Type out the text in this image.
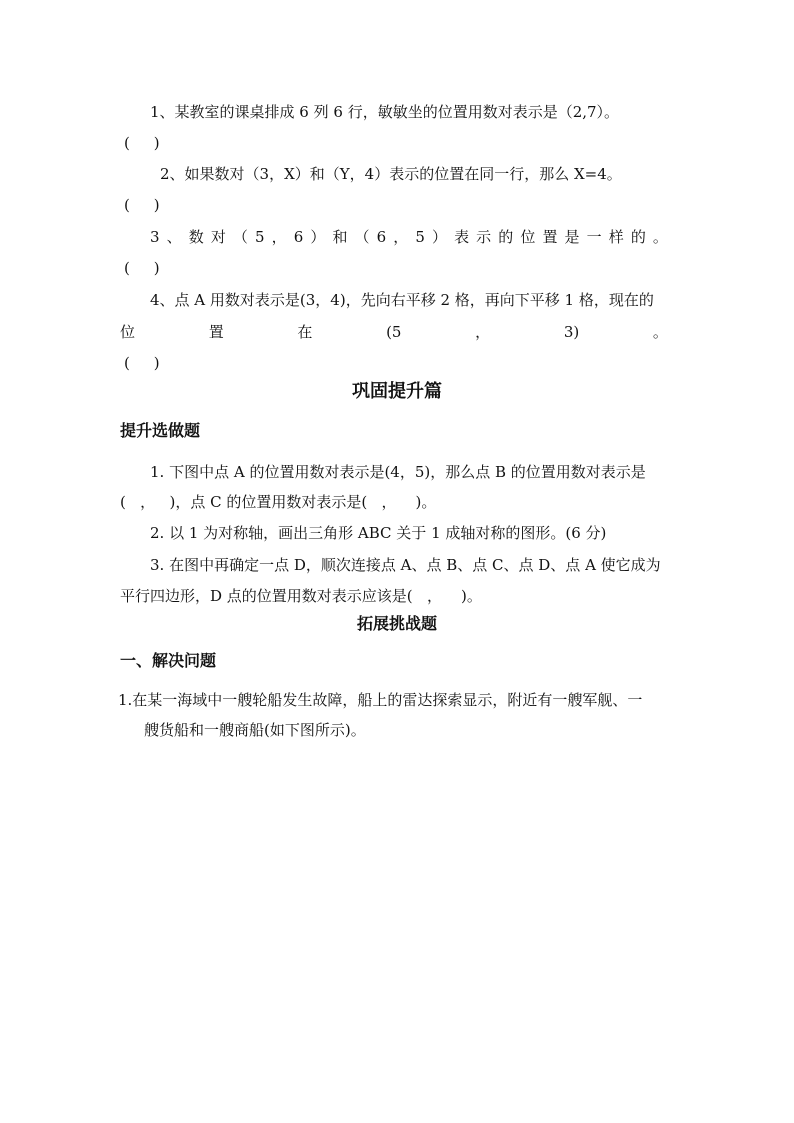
1、某教室的课桌排成 6 列 6 行，敏敏坐的位置用数对表示是（2,7）。
(     )
2、如果数对（3，X）和（Y，4）表示的位置在同一行，那么 X=4。
(     )
3 、 数 对 （ 5 ， 6 ） 和 （ 6 ， 5 ） 表 示 的 位 置 是 一 样 的 。
(     )
4、点 A 用数对表示是(3，4)，先向右平移 2 格，再向下平移 1 格，现在的
位	置	在	(5	，	3)	。
(     )
巩固提升篇
提升选做题
1. 下图中点 A 的位置用数对表示是(4，5)，那么点 B 的位置用数对表示是
(   ，   )，点 C 的位置用数对表示是(   ，    )。
2. 以 1 为对称轴，画出三角形 ABC 关于 1 成轴对称的图形。(6 分)
3. 在图中再确定一点 D，顺次连接点 A、点 B、点 C、点 D、点 A 使它成为
平行四边形，D 点的位置用数对表示应该是(   ，    )。
拓展挑战题
一、解决问题
1.在某一海域中一艘轮船发生故障，船上的雷达探索显示，附近有一艘军舰、一
艘货船和一艘商船(如下图所示)。
